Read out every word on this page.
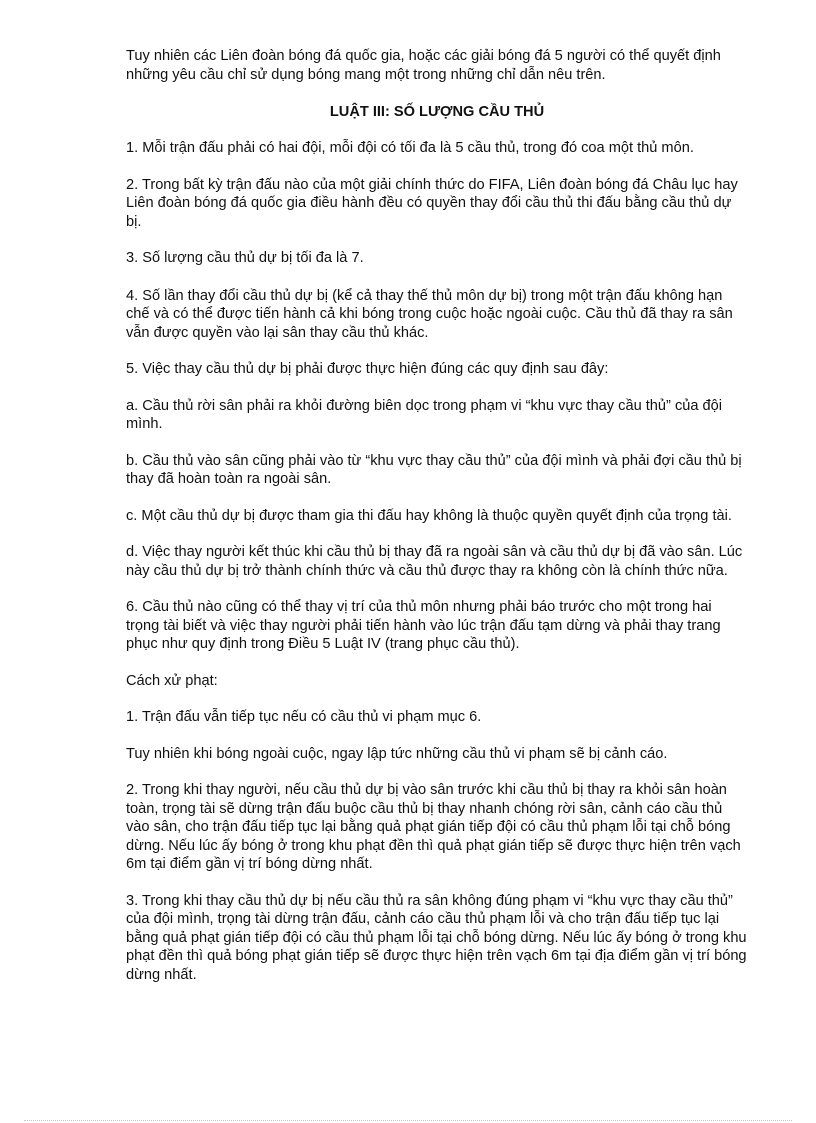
Tuy nhiên các Liên đoàn bóng đá quốc gia, hoặc các giải bóng đá 5 người có thể quyết định những yêu cầu chỉ sử dụng bóng mang một trong những chỉ dẫn nêu trên.

LUẬT III: SỐ LƯỢNG CẦU THỦ

1. Mỗi trận đấu phải có hai đội, mỗi đội có tối đa là 5 cầu thủ, trong đó coa một thủ môn.

2. Trong bất kỳ trận đấu nào của một giải chính thức do FIFA, Liên đoàn bóng đá Châu lục hay Liên đoàn bóng đá quốc gia điều hành đều có quyền thay đổi cầu thủ thi đấu bằng cầu thủ dự bị.

3. Số lượng cầu thủ dự bị tối đa là 7.

4. Số lần thay đổi cầu thủ dự bị (kể cả thay thế thủ môn dự bị) trong một trận đấu không hạn chế và có thể được tiến hành cả khi bóng trong cuộc hoặc ngoài cuộc. Cầu thủ đã thay ra sân vẫn được quyền vào lại sân thay cầu thủ khác.

5. Việc thay cầu thủ dự bị phải được thực hiện đúng các quy định sau đây:

a. Cầu thủ rời sân phải ra khỏi đường biên dọc trong phạm vi “khu vực thay cầu thủ” của đội mình.

b. Cầu thủ vào sân cũng phải vào từ “khu vực thay cầu thủ” của đội mình và phải đợi cầu thủ bị thay đã hoàn toàn ra ngoài sân.

c. Một cầu thủ dự bị được tham gia thi đấu hay không là thuộc quyền quyết định của trọng tài.

d. Việc thay người kết thúc khi cầu thủ bị thay đã ra ngoài sân và cầu thủ dự bị đã vào sân. Lúc này cầu thủ dự bị trở thành chính thức và cầu thủ được thay ra không còn là chính thức nữa.

6. Cầu thủ nào cũng có thể thay vị trí của thủ môn nhưng phải báo trước cho một trong hai trọng tài biết và việc thay người phải tiến hành vào lúc trận đấu tạm dừng và phải thay trang phục như quy định trong Điều 5 Luật IV (trang phục cầu thủ).

Cách xử phạt:

1. Trận đấu vẫn tiếp tục nếu có cầu thủ vi phạm mục 6.

Tuy nhiên khi bóng ngoài cuộc, ngay lập tức những cầu thủ vi phạm sẽ bị cảnh cáo.

2. Trong khi thay người, nếu cầu thủ dự bị vào sân trước khi cầu thủ bị thay ra khỏi sân hoàn toàn, trọng tài sẽ dừng trận đấu buộc cầu thủ bị thay nhanh chóng rời sân, cảnh cáo cầu thủ vào sân, cho trận đấu tiếp tục lại bằng quả phạt gián tiếp đội có cầu thủ phạm lỗi tại chỗ bóng dừng. Nếu lúc ấy bóng ở trong khu phạt đền thì quả phạt gián tiếp sẽ được thực hiện trên vạch 6m tại điểm gần vị trí bóng dừng nhất.

3. Trong khi thay cầu thủ dự bị nếu cầu thủ ra sân không đúng phạm vi “khu vực thay cầu thủ” của đội mình, trọng tài dừng trận đấu, cảnh cáo cầu thủ phạm lỗi và cho trận đấu tiếp tục lại bằng quả phạt gián tiếp đội có cầu thủ phạm lỗi tại chỗ bóng dừng. Nếu lúc ấy bóng ở trong khu phạt đền thì quả bóng phạt gián tiếp sẽ được thực hiện trên vạch 6m tại địa điểm gần vị trí bóng dừng nhất.
